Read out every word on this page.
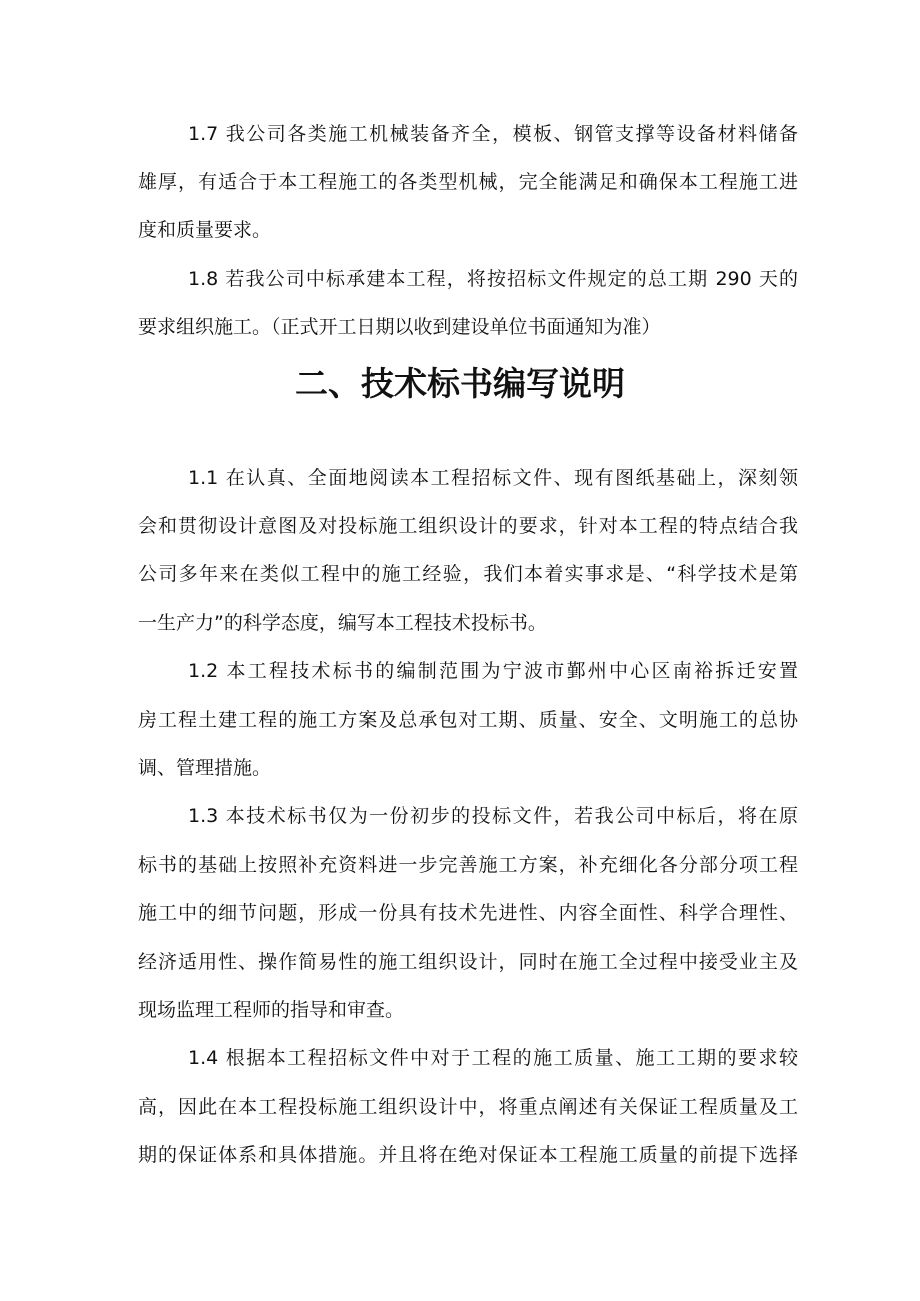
1.7 我公司各类施工机械装备齐全，模板、钢管支撑等设备材料储备
雄厚，有适合于本工程施工的各类型机械，完全能满足和确保本工程施工进
度和质量要求。
1.8 若我公司中标承建本工程，将按招标文件规定的总工期 290 天的
要求组织施工。（正式开工日期以收到建设单位书面通知为准）
二、技术标书编写说明
1.1 在认真、全面地阅读本工程招标文件、现有图纸基础上，深刻领
会和贯彻设计意图及对投标施工组织设计的要求，针对本工程的特点结合我
公司多年来在类似工程中的施工经验，我们本着实事求是、“科学技术是第
一生产力”的科学态度，编写本工程技术投标书。
1.2 本工程技术标书的编制范围为宁波市鄞州中心区南裕拆迁安置
房工程土建工程的施工方案及总承包对工期、质量、安全、文明施工的总协
调、管理措施。
1.3 本技术标书仅为一份初步的投标文件，若我公司中标后，将在原
标书的基础上按照补充资料进一步完善施工方案，补充细化各分部分项工程
施工中的细节问题，形成一份具有技术先进性、内容全面性、科学合理性、
经济适用性、操作简易性的施工组织设计，同时在施工全过程中接受业主及
现场监理工程师的指导和审查。
1.4 根据本工程招标文件中对于工程的施工质量、施工工期的要求较
高，因此在本工程投标施工组织设计中，将重点阐述有关保证工程质量及工
期的保证体系和具体措施。并且将在绝对保证本工程施工质量的前提下选择
